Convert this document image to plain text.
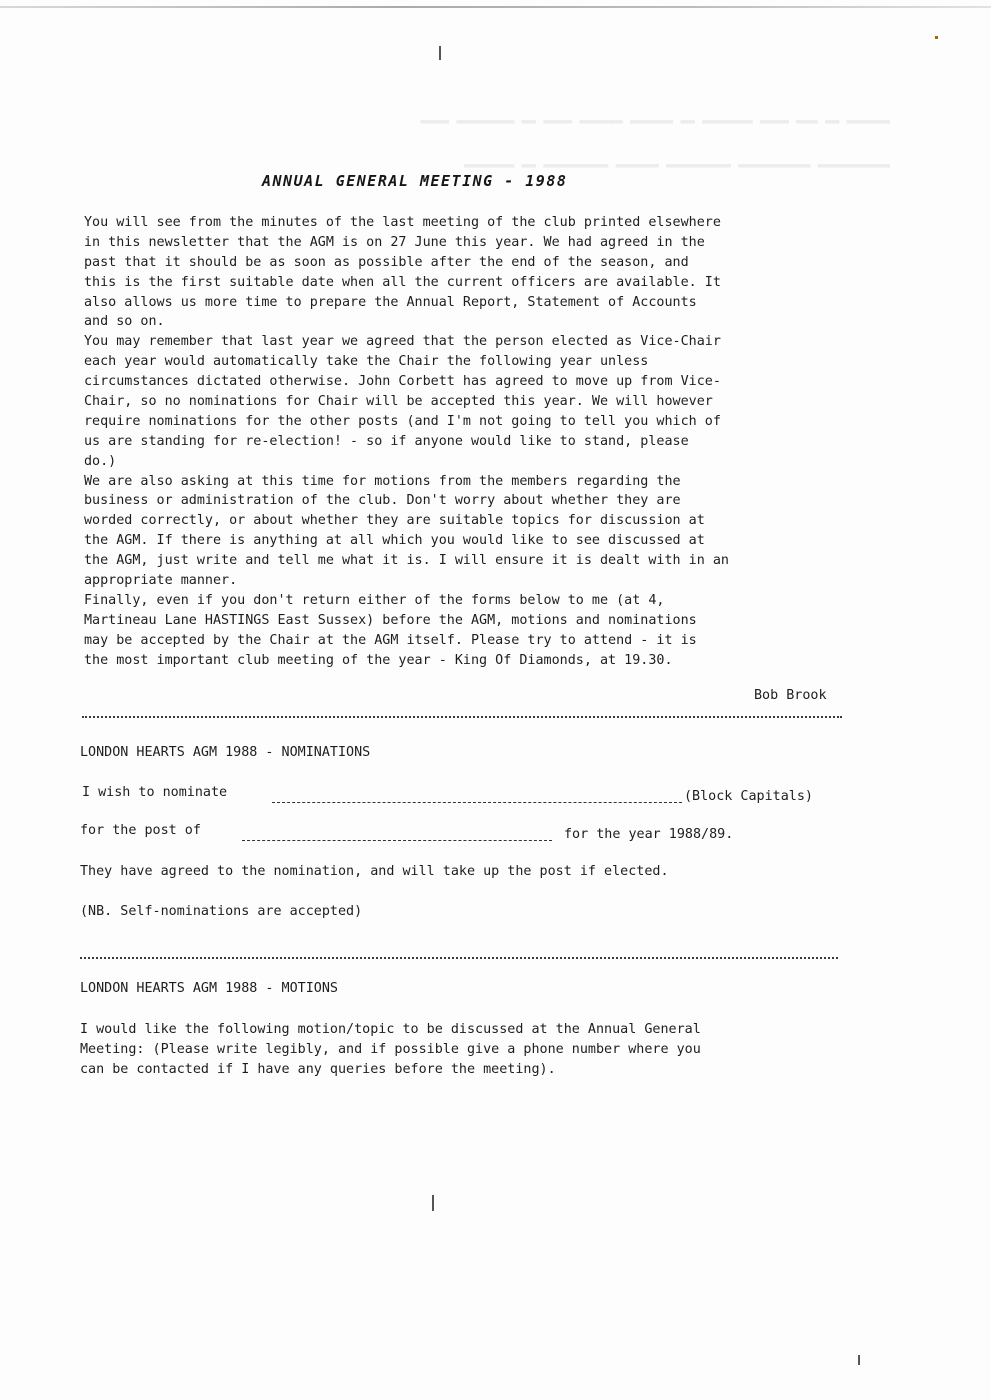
▬▬▬▬▬▬ ▬▬ ▬▬▬ ▬▬▬▬ ▬▬▬▬▬▬▬ ▬▬ ▬▬▬▬▬▬ ▬▬▬▬▬▬ ▬▬▬▬ ▬▬ ▬▬▬▬▬▬▬▬ ▬▬▬▬

▬▬▬▬▬▬▬▬▬▬ ▬▬▬▬▬▬▬▬▬▬ ▬▬▬▬▬▬▬▬▬ ▬▬▬▬▬▬ ▬▬▬▬▬▬▬▬▬ ▬▬ ▬▬▬▬▬▬▬
ANNUAL GENERAL MEETING - 1988
You will see from the minutes of the last meeting of the club printed elsewhere
in this newsletter that the AGM is on 27 June this year. We had agreed in the
past that it should be as soon as possible after the end of the season, and
this is the first suitable date when all the current officers are available. It
also allows us more time to prepare the Annual Report, Statement of Accounts
and so on.
You may remember that last year we agreed that the person elected as Vice-Chair
each year would automatically take the Chair the following year unless
circumstances dictated otherwise. John Corbett has agreed to move up from Vice-
Chair, so no nominations for Chair will be accepted this year. We will however
require nominations for the other posts (and I'm not going to tell you which of
us are standing for re-election! - so if anyone would like to stand, please
do.)
We are also asking at this time for motions from the members regarding the
business or administration of the club. Don't worry about whether they are
worded correctly, or about whether they are suitable topics for discussion at
the AGM. If there is anything at all which you would like to see discussed at
the AGM, just write and tell me what it is. I will ensure it is dealt with in an
appropriate manner.
Finally, even if you don't return either of the forms below to me (at 4,
Martineau Lane HASTINGS East Sussex) before the AGM, motions and nominations
may be accepted by the Chair at the AGM itself. Please try to attend - it is
the most important club meeting of the year - King Of Diamonds, at 19.30.
Bob Brook
LONDON HEARTS AGM 1988 - NOMINATIONS
I wish to nominate	(Block Capitals)
for the post of	for the year 1988/89.
They have agreed to the nomination, and will take up the post if elected.
(NB. Self-nominations are accepted)
LONDON HEARTS AGM 1988 - MOTIONS
I would like the following motion/topic to be discussed at the Annual General
Meeting: (Please write legibly, and if possible give a phone number where you
can be contacted if I have any queries before the meeting).
